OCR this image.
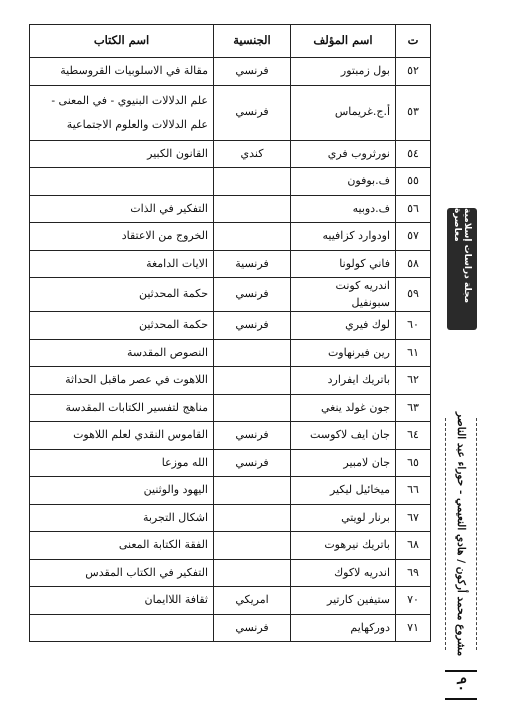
ت	اسم المؤلف	الجنسية	اسم الكتاب
٥٢	بول زمبتور	فرنسي	مقالة في الاسلوبيات القروسطية
٥٣	أ.ج.غريماس	فرنسي	علم الدلالات البنيوي - في المعنى - علم الدلالات والعلوم الاجتماعية
٥٤	نورثروب فري	كندي	القانون الكبير
٥٥	ف.بوفون		
٥٦	ف.دوبيه		التفكير في الذات
٥٧	اودوارد كزافييه		الخروج من الاعتقاد
٥٨	فاني كولونا	فرنسية	الايات الدامغة
٥٩	اندريه كونت سبونفيل	فرنسي	حكمة المحدثين
٦٠	لوك فيري	فرنسي	حكمة المحدثين
٦١	رين فيرنهاوت		النصوص المقدسة
٦٢	باتريك ايفرارد		اللاهوت في عصر ماقبل الحداثة
٦٣	جون غولد ينغي		مناهج لتفسير الكتابات المقدسة
٦٤	جان ايف لاكوست	فرنسي	القاموس النقدي لعلم اللاهوت
٦٥	جان لامبير	فرنسي	الله موزعا
٦٦	ميخائيل ليكير		اليهود والوثنين
٦٧	برنار لويتي		اشكال التجربة
٦٨	باتريك نيرهوت		الفقة الكتابة المعنى
٦٩	اندريه لاكوك		التفكير في الكتاب المقدس
٧٠	ستيفين كارتير	امريكي	ثقافة اللاايمان
٧١	دوركهايم	فرنسي	
مجلة دراسات إسلامية معاصرة
مشروع محمد أركون / هادي النعيمي - حوراء عبد الناصر
٩٠
